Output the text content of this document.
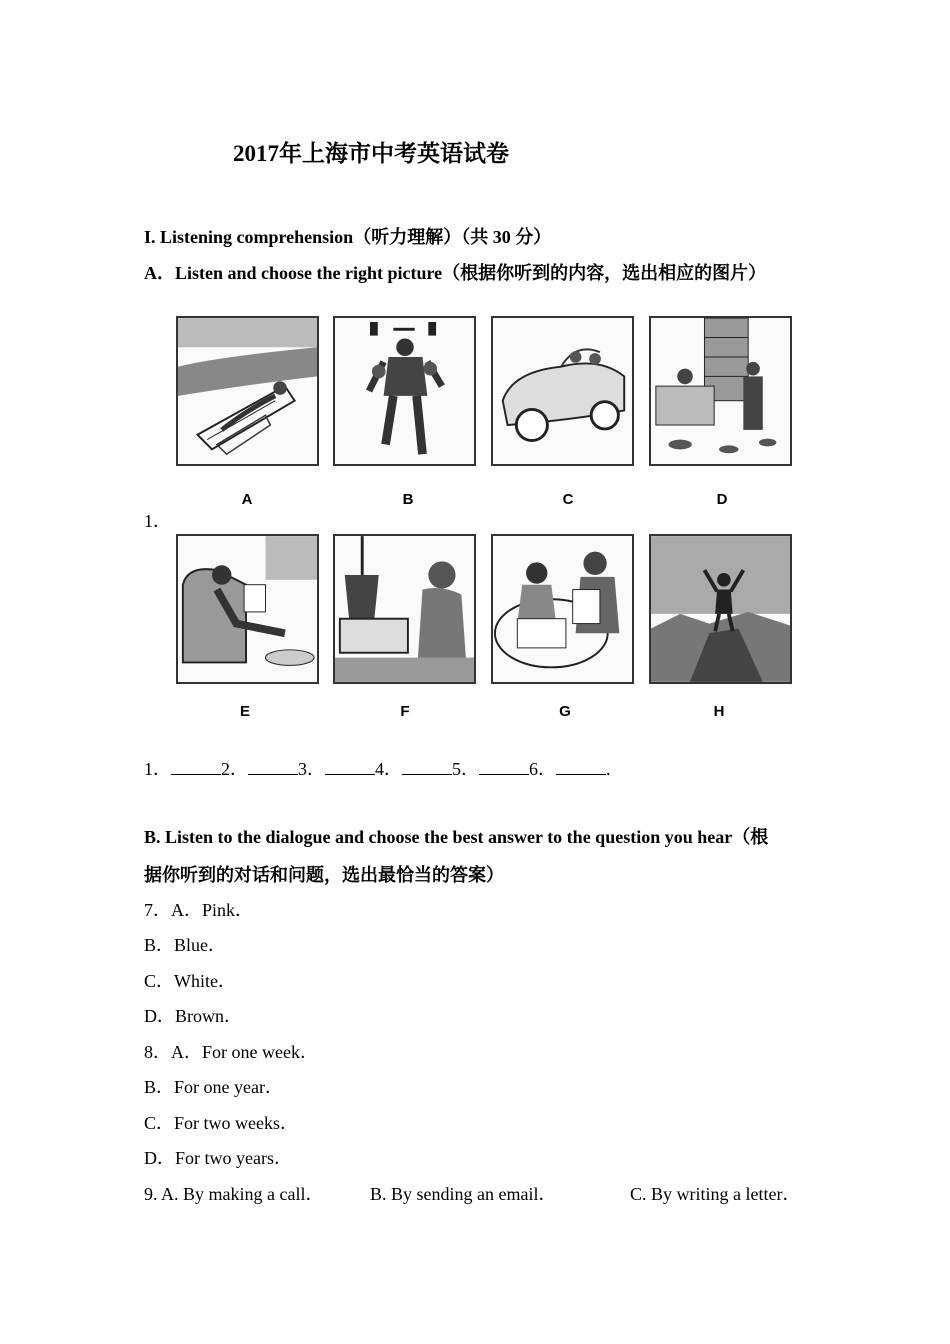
2017年上海市中考英语试卷
I. Listening comprehension（听力理解）（共 30 分）
A．Listen and choose the right picture（根据你听到的内容，选出相应的图片）
1．
A	B	C	D
E	F	G	H
1．	2．	3．	4．	5．	6．	.
B. Listen to the dialogue and choose the best answer to the question you hear（根
据你听到的对话和问题，选出最恰当的答案）
7．A．Pink．
B．Blue．
C．White．
D．Brown．
8．A．For one week．
B．For one year．
C．For two weeks．
D．For two years．
9. A. By making a call．	B. By sending an email．	C. By writing a letter．
